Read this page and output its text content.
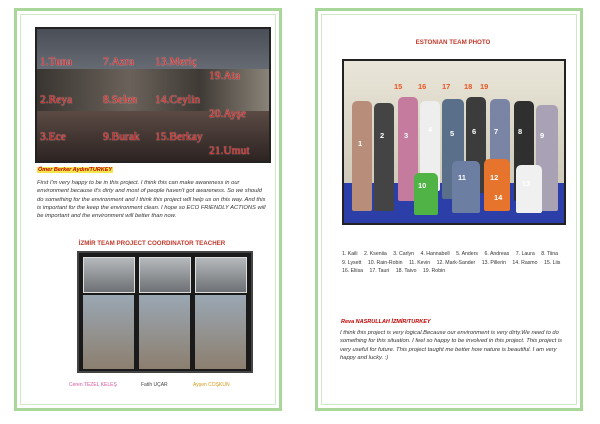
1.Tuna

2.Reya

3.Ece

7.Azra

8.Selen

9.Burak

13.Meriç

14.Ceylin

15.Berkay

19.Ata

20.Ayşe

21.Umut

Ömer Berker Aydın/TURKEY
First I'm very happy to be in this project. I think this can make awareness in our environment because it's dirty and most of people haven't got awareness. So we should do something for the environment and I think this project will help us on this way. And this is important for the keep the environment clean. I hope so ECO FRIENDLY ACTIONS will be important and the environment will better than now.
İZMİR TEAM PROJECT COORDINATOR TEACHER
Ceren TEZEL KELEŞ	Fatih UÇAR	Ayşen COŞKUN
ESTONIAN TEAM PHOTO
15 16 17 18 19
1
2	3
4 5 6 7	8 9
10
11	12
13
14
1. Kaili 2. Kseniia 3. Carlyn 4. Hannabell 5. Anders 6. Andreas 7. Laura 8. Tiina 9. Lysett 10. Rain-Robin 11. Kevin 12. Mark-Sander 13. Pillerin 14. Rasmo 15. Liis 16. Eliisa 17. Tauri 18. Taivo 19. Robin
Reva NASRULLAH İZMİR/TURKEY
I think this project is very logical.Because our environment is very dirty.We need to do something for this situation. I feel so happy to be involved in this project. This project is very useful for future. This project taught me better how nature is beautiful. I am very happy and lucky. :)
